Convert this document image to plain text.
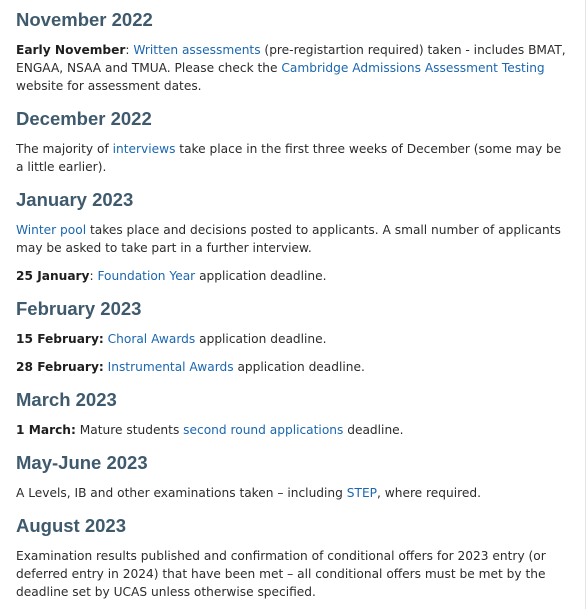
November 2022

Early November: Written assessments (pre-registartion required) taken - includes BMAT, ENGAA, NSAA and TMUA. Please check the Cambridge Admissions Assessment Testing website for assessment dates.

December 2022

The majority of interviews take place in the first three weeks of December (some may be a little earlier).

January 2023

Winter pool takes place and decisions posted to applicants. A small number of applicants may be asked to take part in a further interview.

25 January: Foundation Year application deadline.

February 2023

15 February: Choral Awards application deadline.

28 February: Instrumental Awards application deadline.

March 2023

1 March: Mature students second round applications deadline.

May-June 2023

A Levels, IB and other examinations taken – including STEP, where required.

August 2023

Examination results published and confirmation of conditional offers for 2023 entry (or deferred entry in 2024) that have been met – all conditional offers must be met by the deadline set by UCAS unless otherwise specified.
